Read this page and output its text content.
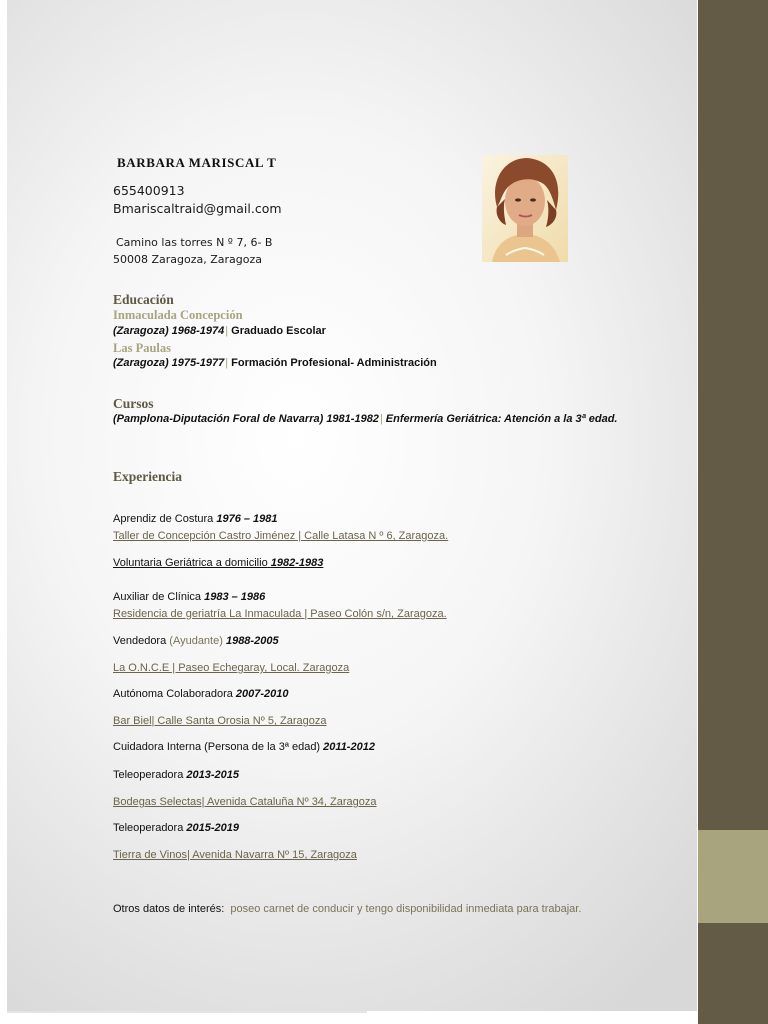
BARBARA MARISCAL T
655400913
Bmariscaltraid@gmail.com
Camino las torres N º 7, 6- B
50008 Zaragoza, Zaragoza
Educación
Inmaculada Concepción
(Zaragoza) 1968-1974| Graduado Escolar
Las Paulas
(Zaragoza) 1975-1977| Formación Profesional- Administración
Cursos
(Pamplona-Diputación Foral de Navarra) 1981-1982| Enfermería Geriátrica: Atención a la 3ª edad.
Experiencia
Aprendiz de Costura 1976 – 1981
Taller de Concepción Castro Jiménez | Calle Latasa N º 6, Zaragoza.
Voluntaria Geriátrica a domicilio 1982-1983
Auxiliar de Clínica 1983 – 1986
Residencia de geriatría La Inmaculada | Paseo Colón s/n, Zaragoza.
Vendedora (Ayudante) 1988-2005
La O.N.C.E | Paseo Echegaray, Local. Zaragoza
Autónoma Colaboradora 2007-2010
Bar Biel| Calle Santa Orosia Nº 5, Zaragoza
Cuidadora Interna (Persona de la 3ª edad) 2011-2012
Teleoperadora 2013-2015
Bodegas Selectas| Avenida Cataluña Nº 34, Zaragoza
Teleoperadora 2015-2019
Tierra de Vinos| Avenida Navarra Nº 15, Zaragoza
Otros datos de interés: poseo carnet de conducir y tengo disponibilidad inmediata para trabajar.
